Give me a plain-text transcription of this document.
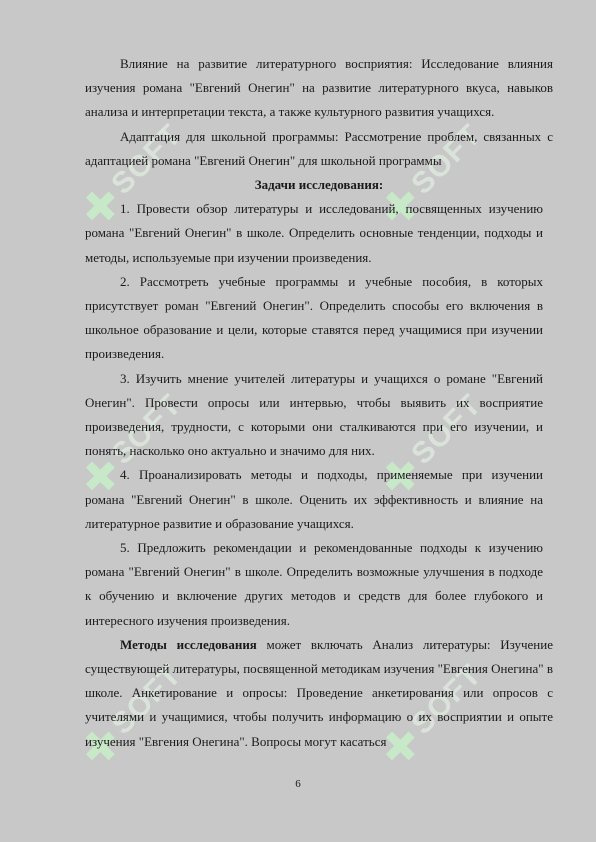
✚SOFT
✚SOFT
✚SOFT
✚SOFT
✚SOFT
✚SOFT

Влияние на развитие литературного восприятия: Исследование влияния изучения романа "Евгений Онегин" на развитие литературного вкуса, навыков анализа и интерпретации текста, а также культурного развития учащихся.

Адаптация для школьной программы: Рассмотрение проблем, связанных с адаптацией романа "Евгений Онегин" для школьной программы

Задачи исследования:

1. Провести обзор литературы и исследований, посвященных изучению романа "Евгений Онегин" в школе. Определить основные тенденции, подходы и методы, используемые при изучении произведения.

2. Рассмотреть учебные программы и учебные пособия, в которых присутствует роман "Евгений Онегин". Определить способы его включения в школьное образование и цели, которые ставятся перед учащимися при изучении произведения.

3. Изучить мнение учителей литературы и учащихся о романе "Евгений Онегин". Провести опросы или интервью, чтобы выявить их восприятие произведения, трудности, с которыми они сталкиваются при его изучении, и понять, насколько оно актуально и значимо для них.

4. Проанализировать методы и подходы, применяемые при изучении романа "Евгений Онегин" в школе. Оценить их эффективность и влияние на литературное развитие и образование учащихся.

5. Предложить рекомендации и рекомендованные подходы к изучению романа "Евгений Онегин" в школе. Определить возможные улучшения в подходе к обучению и включение других методов и средств для более глубокого и интересного изучения произведения.

Методы исследования может включать Анализ литературы: Изучение существующей литературы, посвященной методикам изучения "Евгения Онегина" в школе. Анкетирование и опросы: Проведение анкетирования или опросов с учителями и учащимися, чтобы получить информацию о их восприятии и опыте изучения "Евгения Онегина". Вопросы могут касаться

6
